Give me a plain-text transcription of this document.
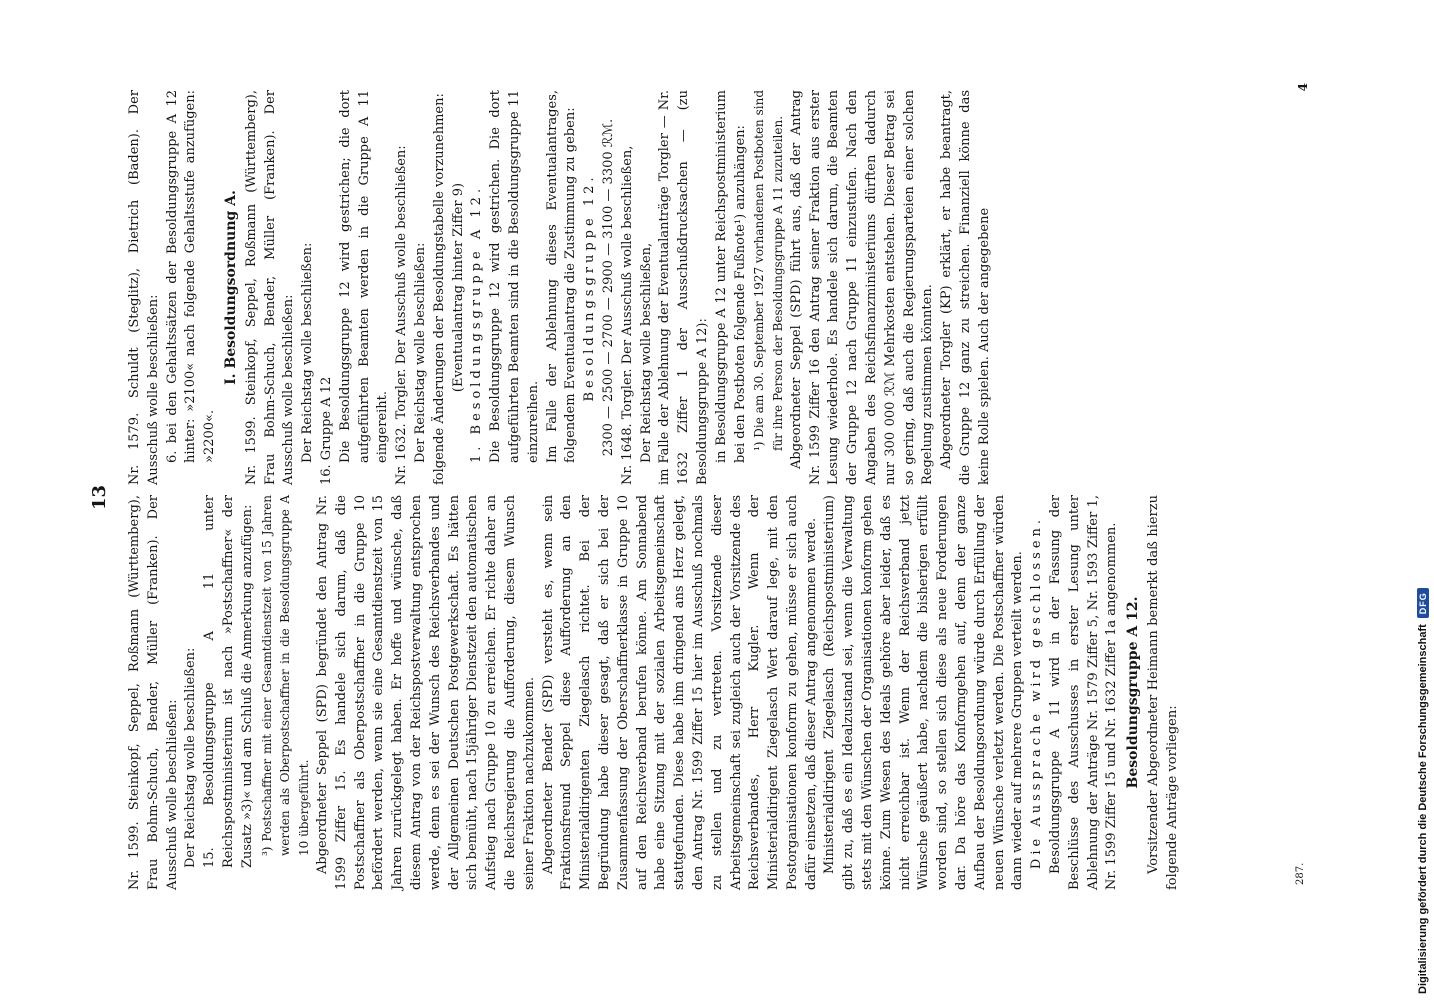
13 Nr. 1599. Steinkopf, Seppel, Roßmann (Württemberg), Frau Bohm-Schuch, Bender, Müller (Franken). Der Ausschuß wolle beschließen: Der Reichstag wolle beschließen: 15. Besoldungsgruppe A 11 unter Reichspostministerium ist nach »Postschaffner« der Zusatz »3)« und am Schluß die Anmerkung anzufügen: ³) Postschaffner mit einer Gesamtdienstzeit von 15 Jahren werden als Oberpostschaffner in die Besoldungsgruppe A 10 übergeführt. Abgeordneter Seppel (SPD) begründet den Antrag Nr. 1599 Ziffer 15. Es handele sich darum, daß die Postschaffner als Oberpostschaffner in die Gruppe 10 befördert werden, wenn sie eine Gesamtdienstzeit von 15 Jahren zurückgelegt haben. Er hoffe und wünsche, daß diesem Antrag von der Reichspostverwaltung entsprochen werde, denn es sei der Wunsch des Reichsverbandes und der Allgemeinen Deutschen Postgewerkschaft. Es hätten sich bemüht, nach 15jähriger Dienstzeit den automatischen Aufstieg nach Gruppe 10 zu erreichen. Er richte daher an die Reichsregierung die Aufforderung, diesem Wunsch seiner Fraktion nachzukommen. Abgeordneter Bender (SPD) versteht es, wenn sein Fraktionsfreund Seppel diese Aufforderung an den Ministerialdirigenten Ziegelasch richtet. Bei der Begründung habe dieser gesagt, daß er sich bei der Zusammenfassung der Oberschaffnerklasse in Gruppe 10 auf den Reichsverband berufen könne. Am Sonnabend habe eine Sitzung mit der sozialen Arbeitsgemeinschaft stattgefunden. Diese habe ihm dringend ans Herz gelegt, den Antrag Nr. 1599 Ziffer 15 hier im Ausschuß nochmals zu stellen und zu vertreten. Vorsitzende dieser Arbeitsgemeinschaft sei zugleich auch der Vorsitzende des Reichsverbandes, Herr Kugler. Wenn der Ministerialdirigent Ziegelasch Wert darauf lege, mit den Postorganisationen konform zu gehen, müsse er sich auch dafür einsetzen, daß dieser Antrag angenommen werde. Ministerialdirigent Ziegelasch (Reichspostministerium) gibt zu, daß es ein Idealzustand sei, wenn die Verwaltung stets mit den Wünschen der Organisationen konform gehen könne. Zum Wesen des Ideals gehöre aber leider, daß es nicht erreichbar ist. Wenn der Reichsverband jetzt Wünsche geäußert habe, nachdem die bisherigen erfüllt worden sind, so stellen sich diese als neue Forderungen dar. Da höre das Konformgehen auf, denn der ganze Aufbau der Besoldungsordnung würde durch Erfüllung der neuen Wünsche verletzt werden. Die Postschaffner würden dann wieder auf mehrere Gruppen verteilt werden. Die Aussprache wird geschlossen. Besoldungsgruppe A 11 wird in der Fassung der Beschlüsse des Ausschusses in erster Lesung unter Ablehnung der Anträge Nr. 1579 Ziffer 5, Nr. 1593 Ziffer 1, Nr. 1599 Ziffer 15 und Nr. 1632 Ziffer 1a angenommen. Besoldungsgruppe A 12. Vorsitzender Abgeordneter Heimann bemerkt daß hierzu folgende Anträge vorliegen:

Nr. 1579. Schuldt (Steglitz), Dietrich (Baden). Der Ausschuß wolle beschließen: 6. bei den Gehaltssätzen der Besoldungsgruppe A 12 hinter: »2100« nach folgende Gehaltsstufe anzufügen: »2200«.

I. Besoldungsordnung A. Nr. 1599. Steinkopf, Seppel, Roßmann (Württemberg), Frau Bohm-Schuch, Bender, Müller (Franken). Der Ausschuß wolle beschließen: Der Reichstag wolle beschließen: 16. Gruppe A 12 Die Besoldungsgruppe 12 wird gestrichen; die dort aufgeführten Beamten werden in die Gruppe A 11 eingereiht. Nr. 1632. Torgler. Der Ausschuß wolle beschließen: Der Reichstag wolle beschließen: folgende Änderungen der Besoldungstabelle vorzunehmen: (Eventualantrag hinter Ziffer 9) 1. Besoldungsgruppe A 12. Die Besoldungsgruppe 12 wird gestrichen. Die dort aufgeführten Beamten sind in die Besoldungsgruppe 11 einzureihen. Im Falle der Ablehnung dieses Eventualantrages, folgendem Eventualantrag die Zustimmung zu geben: Besoldungsgruppe 12. 2300 — 2500 — 2700 — 2900 — 3100 — 3300 ℛℳ. Nr. 1648. Torgler. Der Ausschuß wolle beschließen, Der Reichstag wolle beschließen, im Falle der Ablehnung der Eventualanträge Torgler — Nr. 1632 Ziffer 1 der Ausschußdrucksachen — (zu Besoldungsgruppe A 12): in Besoldungsgruppe A 12 unter Reichspostministerium bei den Postboten folgende Fußnote¹) anzuhängen: ¹) Die am 30. September 1927 vorhandenen Postboten sind für ihre Person der Besoldungsgruppe A 11 zuzuteilen. Abgeordneter Seppel (SPD) führt aus, daß der Antrag Nr. 1599 Ziffer 16 den Antrag seiner Fraktion aus erster Lesung wiederhole. Es handele sich darum, die Beamten der Gruppe 12 nach Gruppe 11 einzustufen. Nach den Angaben des Reichsfinanzministeriums dürften dadurch nur 300 000 ℛℳ Mehrkosten entstehen. Dieser Betrag sei so gering, daß auch die Regierungsparteien einer solchen Regelung zustimmen könnten. Abgeordneter Torgler (KP) erklärt, er habe beantragt, die Gruppe 12 ganz zu streichen. Finanziell könne das keine Rolle spielen. Auch der angegebene

287.
4
Digitalisierung gefördert durch die Deutsche Forschungsgemeinschaft
DFG
